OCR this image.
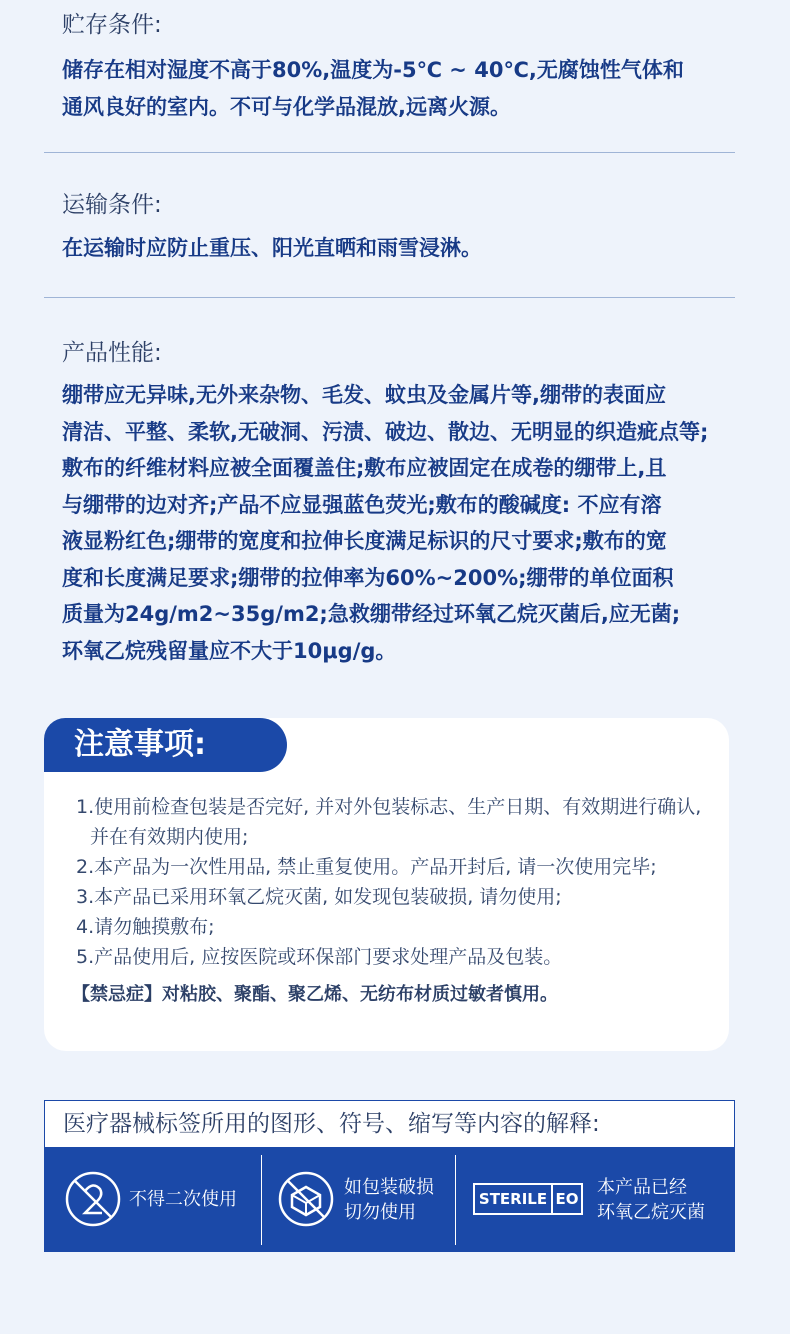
贮存条件:
储存在相对湿度不高于80%,温度为-5℃ ~ 40℃,无腐蚀性气体和
通风良好的室内。不可与化学品混放,远离火源。
运输条件:
在运输时应防止重压、阳光直晒和雨雪浸淋。
产品性能:
绷带应无异味,无外来杂物、毛发、蚊虫及金属片等,绷带的表面应
清洁、平整、柔软,无破洞、污渍、破边、散边、无明显的织造疵点等;
敷布的纤维材料应被全面覆盖住;敷布应被固定在成卷的绷带上,且
与绷带的边对齐;产品不应显强蓝色荧光;敷布的酸碱度: 不应有溶
液显粉红色;绷带的宽度和拉伸长度满足标识的尺寸要求;敷布的宽
度和长度满足要求;绷带的拉伸率为60%~200%;绷带的单位面积
质量为24g/m2~35g/m2;急救绷带经过环氧乙烷灭菌后,应无菌;
环氧乙烷残留量应不大于10μg/g。
注意事项:
1.使用前检查包装是否完好, 并对外包装标志、生产日期、有效期进行确认, 并在有效期内使用;
2.本产品为一次性用品, 禁止重复使用。产品开封后, 请一次使用完毕;
3.本产品已采用环氧乙烷灭菌, 如发现包装破损, 请勿使用;
4.请勿触摸敷布;
5.产品使用后, 应按医院或环保部门要求处理产品及包装。
【禁忌症】对粘胶、聚酯、聚乙烯、无纺布材质过敏者慎用。
医疗器械标签所用的图形、符号、缩写等内容的解释:
不得二次使用
如包装破损
切勿使用
STERILE EO
本产品已经
环氧乙烷灭菌
